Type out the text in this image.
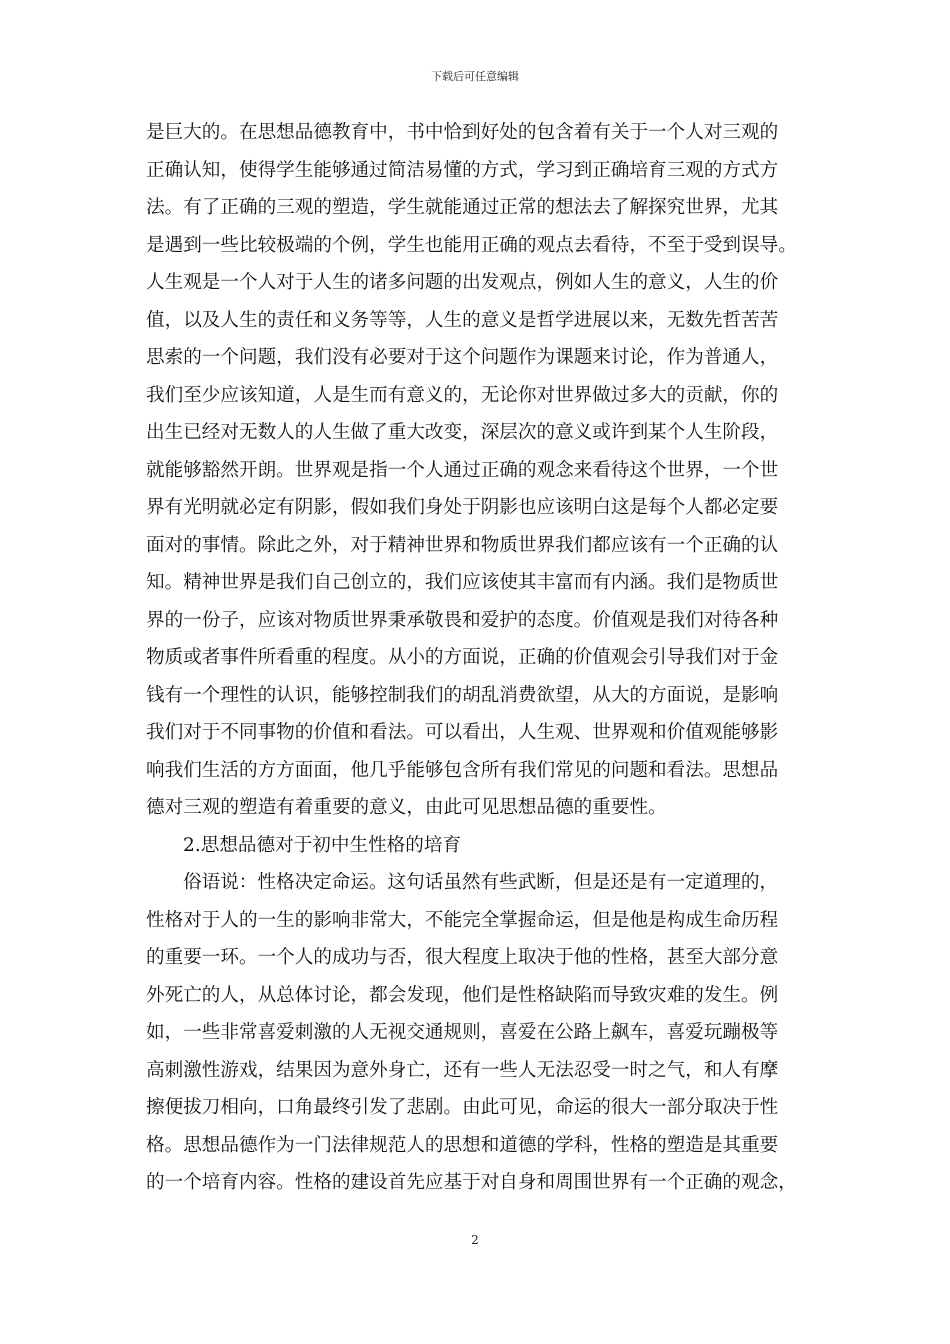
下载后可任意编辑
是巨大的。在思想品德教育中，书中恰到好处的包含着有关于一个人对三观的
正确认知，使得学生能够通过简洁易懂的方式，学习到正确培育三观的方式方
法。有了正确的三观的塑造，学生就能通过正常的想法去了解探究世界，尤其
是遇到一些比较极端的个例，学生也能用正确的观点去看待，不至于受到误导。
人生观是一个人对于人生的诸多问题的出发观点，例如人生的意义，人生的价
值，以及人生的责任和义务等等，人生的意义是哲学进展以来，无数先哲苦苦
思索的一个问题，我们没有必要对于这个问题作为课题来讨论，作为普通人，
我们至少应该知道，人是生而有意义的，无论你对世界做过多大的贡献，你的
出生已经对无数人的人生做了重大改变，深层次的意义或许到某个人生阶段，
就能够豁然开朗。世界观是指一个人通过正确的观念来看待这个世界，一个世
界有光明就必定有阴影，假如我们身处于阴影也应该明白这是每个人都必定要
面对的事情。除此之外，对于精神世界和物质世界我们都应该有一个正确的认
知。精神世界是我们自己创立的，我们应该使其丰富而有内涵。我们是物质世
界的一份子，应该对物质世界秉承敬畏和爱护的态度。价值观是我们对待各种
物质或者事件所看重的程度。从小的方面说，正确的价值观会引导我们对于金
钱有一个理性的认识，能够控制我们的胡乱消费欲望，从大的方面说，是影响
我们对于不同事物的价值和看法。可以看出，人生观、世界观和价值观能够影
响我们生活的方方面面，他几乎能够包含所有我们常见的问题和看法。思想品
德对三观的塑造有着重要的意义，由此可见思想品德的重要性。
2.思想品德对于初中生性格的培育
俗语说：性格决定命运。这句话虽然有些武断，但是还是有一定道理的，
性格对于人的一生的影响非常大，不能完全掌握命运，但是他是构成生命历程
的重要一环。一个人的成功与否，很大程度上取决于他的性格，甚至大部分意
外死亡的人，从总体讨论，都会发现，他们是性格缺陷而导致灾难的发生。例
如，一些非常喜爱刺激的人无视交通规则，喜爱在公路上飙车，喜爱玩蹦极等
高刺激性游戏，结果因为意外身亡，还有一些人无法忍受一时之气，和人有摩
擦便拔刀相向，口角最终引发了悲剧。由此可见，命运的很大一部分取决于性
格。思想品德作为一门法律规范人的思想和道德的学科，性格的塑造是其重要
的一个培育内容。性格的建设首先应基于对自身和周围世界有一个正确的观念，
2
